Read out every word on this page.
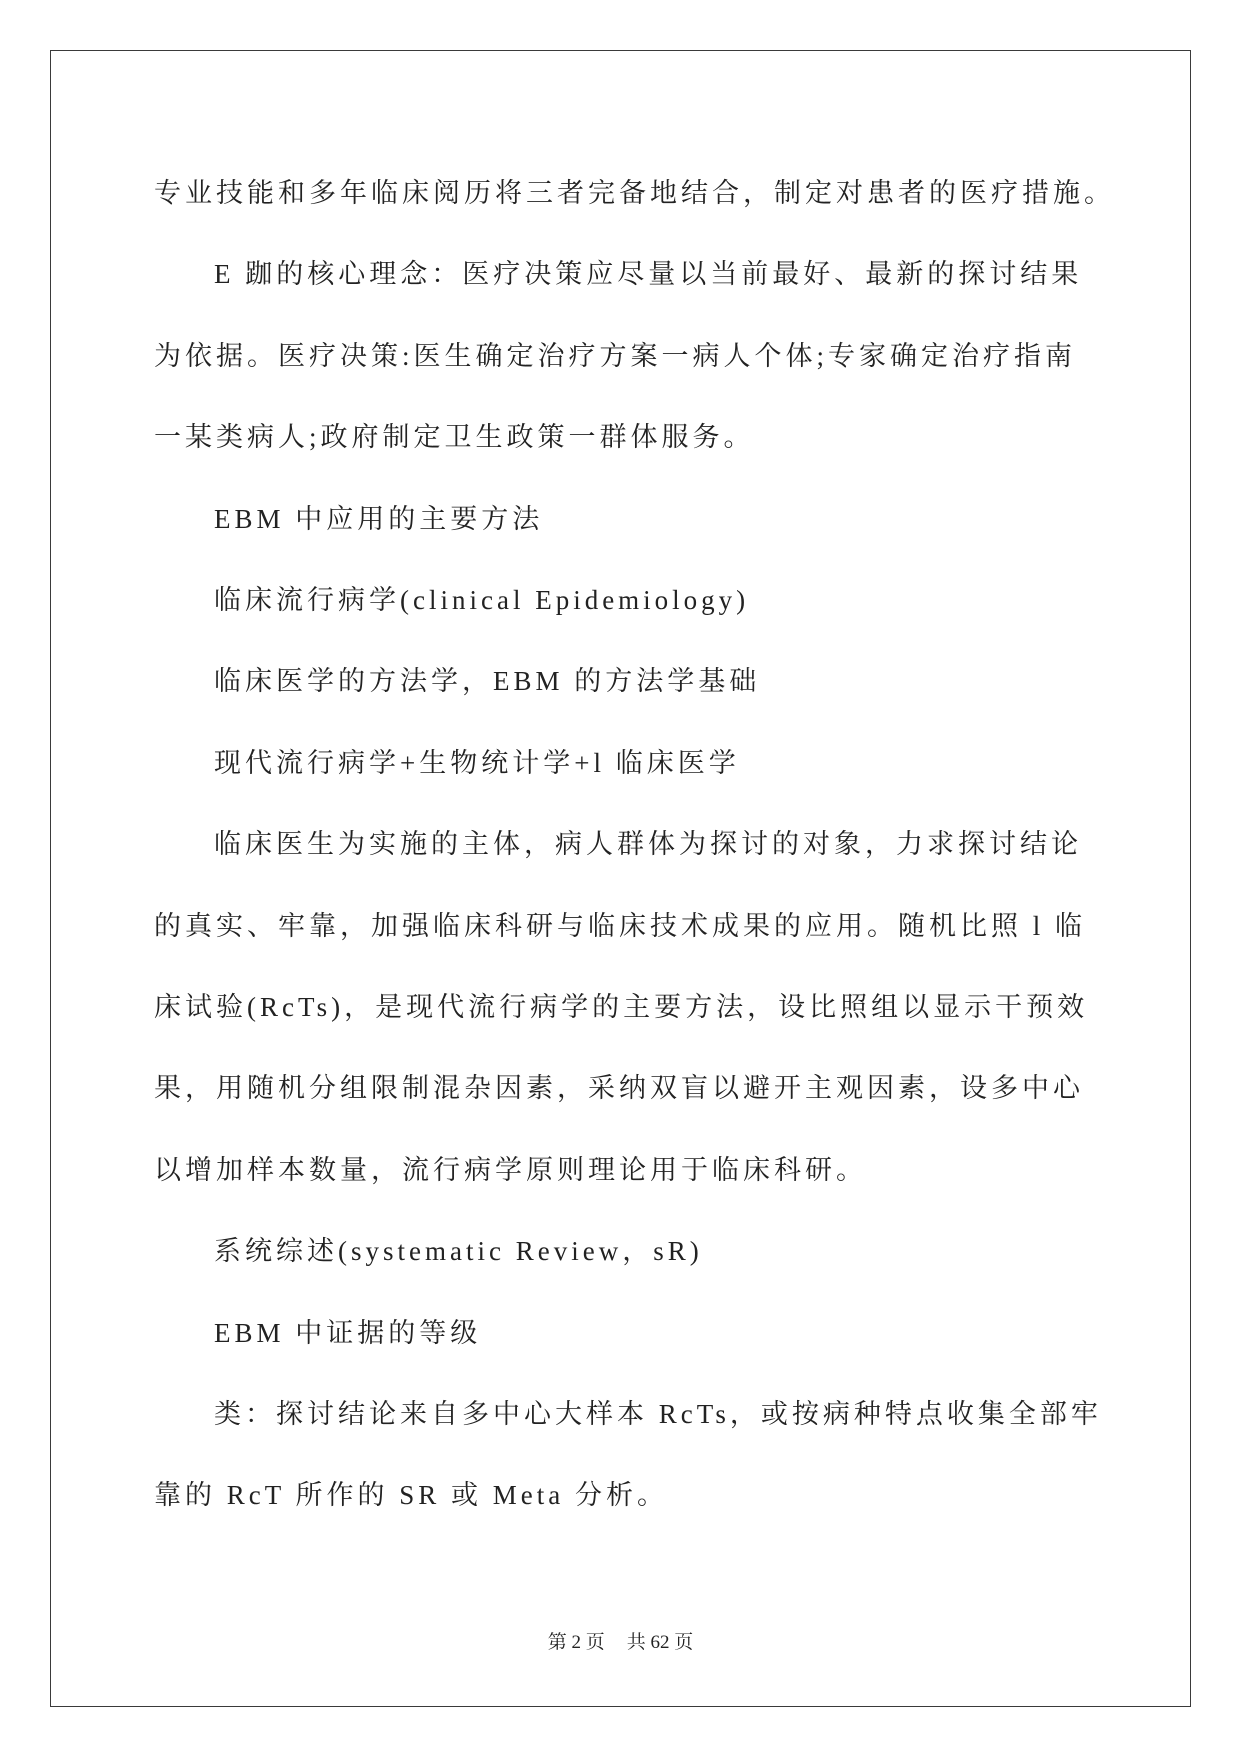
专业技能和多年临床阅历将三者完备地结合，制定对患者的医疗措施。
E 跏的核心理念：医疗决策应尽量以当前最好、最新的探讨结果
为依据。医疗决策:医生确定治疗方案一病人个体;专家确定治疗指南
一某类病人;政府制定卫生政策一群体服务。
EBM 中应用的主要方法
临床流行病学(clinical Epidemiology)
临床医学的方法学，EBM 的方法学基础
现代流行病学+生物统计学+l 临床医学
临床医生为实施的主体，病人群体为探讨的对象，力求探讨结论
的真实、牢靠，加强临床科研与临床技术成果的应用。随机比照 l 临
床试验(RcTs)，是现代流行病学的主要方法，设比照组以显示干预效
果，用随机分组限制混杂因素，采纳双盲以避开主观因素，设多中心
以增加样本数量，流行病学原则理论用于临床科研。
系统综述(systematic Review，sR)
EBM 中证据的等级
类：探讨结论来自多中心大样本 RcTs，或按病种特点收集全部牢
靠的 RcT 所作的 SR 或 Meta 分析。
第 2 页 共 62 页
